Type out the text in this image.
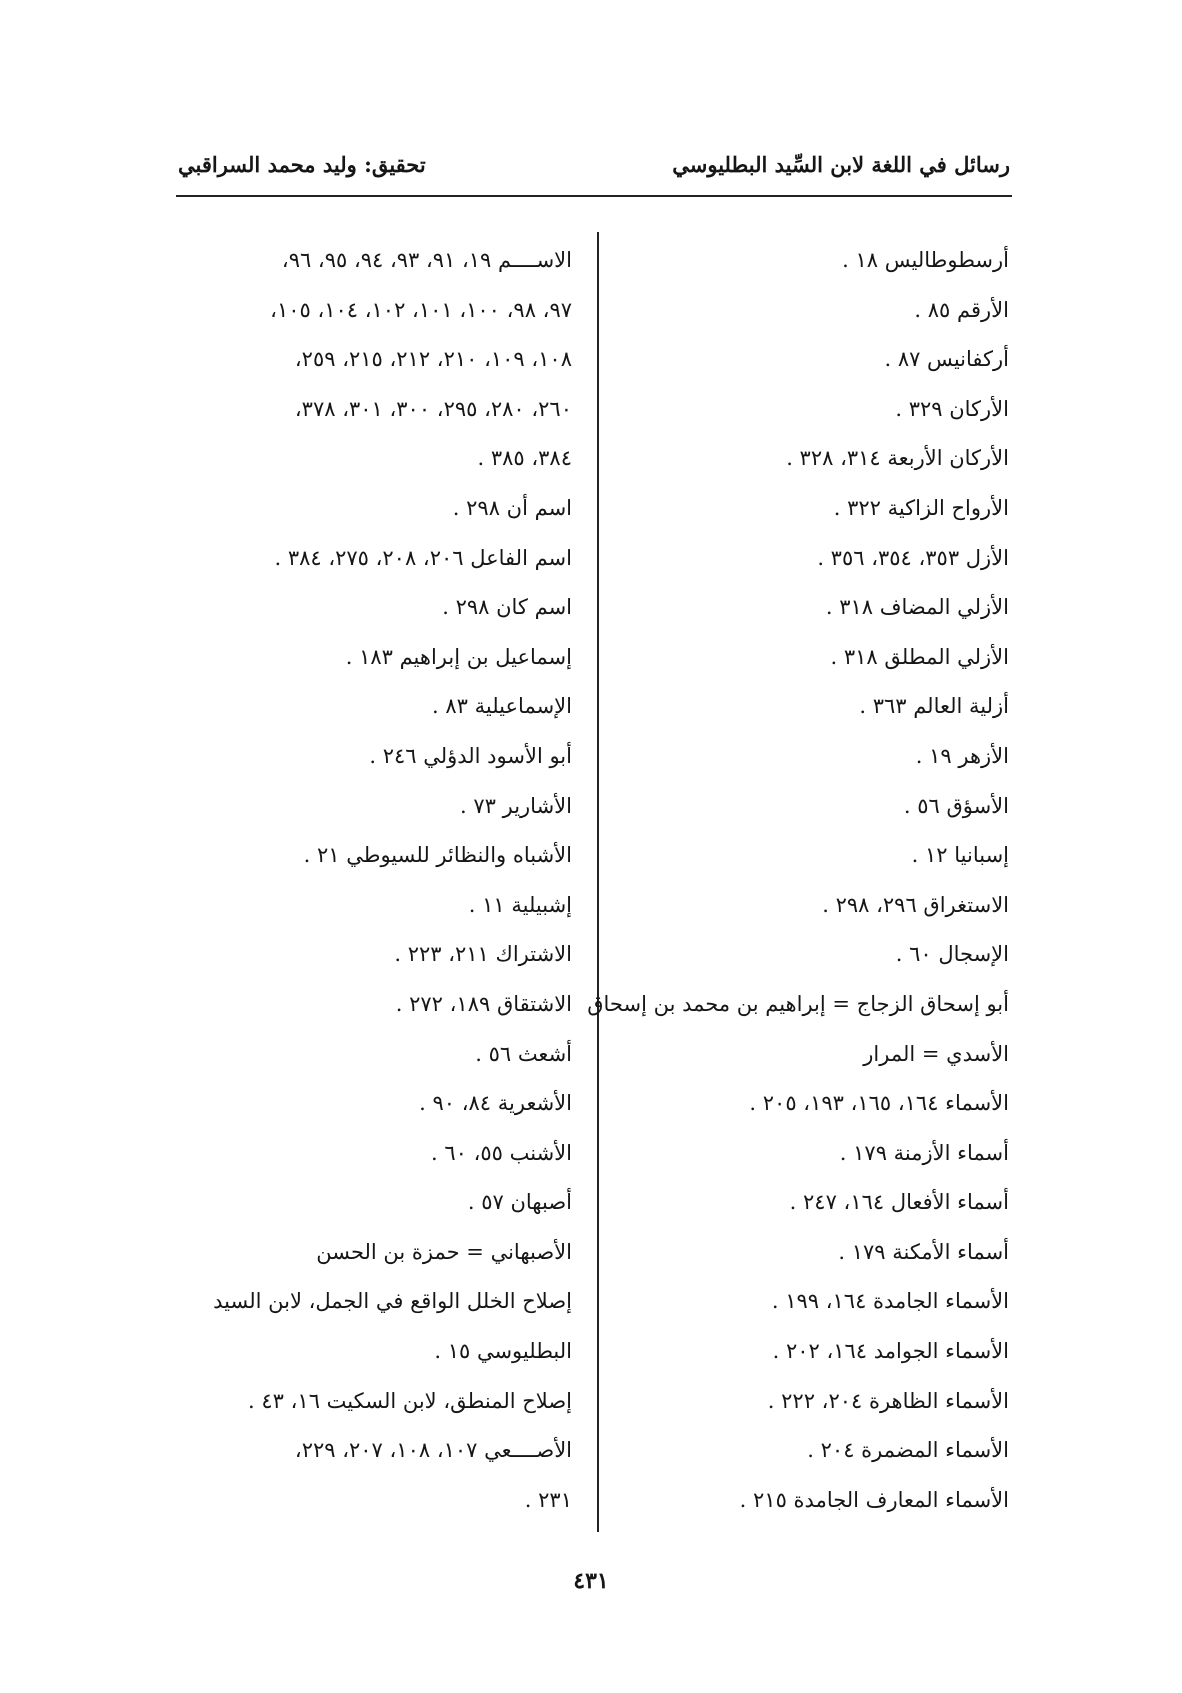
رسائل في اللغة لابن السِّيد البطليوسي
تحقيق: وليد محمد السراقبي
أرسطوطاليس ١٨ .
الأرقم ٨٥ .
أركفانيس ٨٧ .
الأركان ٣٢٩ .
الأركان الأربعة ٣١٤، ٣٢٨ .
الأرواح الزاكية ٣٢٢ .
الأزل ٣٥٣، ٣٥٤، ٣٥٦ .
الأزلي المضاف ٣١٨ .
الأزلي المطلق ٣١٨ .
أزلية العالم ٣٦٣ .
الأزهر ١٩ .
الأسؤق ٥٦ .
إسبانيا ١٢ .
الاستغراق ٢٩٦، ٢٩٨ .
الإسجال ٦٠ .
أبو إسحاق الزجاج = إبراهيم بن محمد بن إسحاق
الأسدي = المرار
الأسماء ١٦٤، ١٦٥، ١٩٣، ٢٠٥ .
أسماء الأزمنة ١٧٩ .
أسماء الأفعال ١٦٤، ٢٤٧ .
أسماء الأمكنة ١٧٩ .
الأسماء الجامدة ١٦٤، ١٩٩ .
الأسماء الجوامد ١٦٤، ٢٠٢ .
الأسماء الظاهرة ٢٠٤، ٢٢٢ .
الأسماء المضمرة ٢٠٤ .
الأسماء المعارف الجامدة ٢١٥ .
الاســــم ١٩، ٩١، ٩٣، ٩٤، ٩٥، ٩٦،
٩٧، ٩٨، ١٠٠، ١٠١، ١٠٢، ١٠٤، ١٠٥،
١٠٨، ١٠٩، ٢١٠، ٢١٢، ٢١٥، ٢٥٩،
٢٦٠، ٢٨٠، ٢٩٥، ٣٠٠، ٣٠١، ٣٧٨،
٣٨٤، ٣٨٥ .
اسم أن ٢٩٨ .
اسم الفاعل ٢٠٦، ٢٠٨، ٢٧٥، ٣٨٤ .
اسم كان ٢٩٨ .
إسماعيل بن إبراهيم ١٨٣ .
الإسماعيلية ٨٣ .
أبو الأسود الدؤلي ٢٤٦ .
الأشارير ٧٣ .
الأشباه والنظائر للسيوطي ٢١ .
إشبيلية ١١ .
الاشتراك ٢١١، ٢٢٣ .
الاشتقاق ١٨٩، ٢٧٢ .
أشعث ٥٦ .
الأشعرية ٨٤، ٩٠ .
الأشنب ٥٥، ٦٠ .
أصبهان ٥٧ .
الأصبهاني = حمزة بن الحسن
إصلاح الخلل الواقع في الجمل، لابن السيد
البطليوسي ١٥ .
إصلاح المنطق، لابن السكيت ١٦، ٤٣ .
الأصــــعي ١٠٧، ١٠٨، ٢٠٧، ٢٢٩،
٢٣١ .
٤٣١
